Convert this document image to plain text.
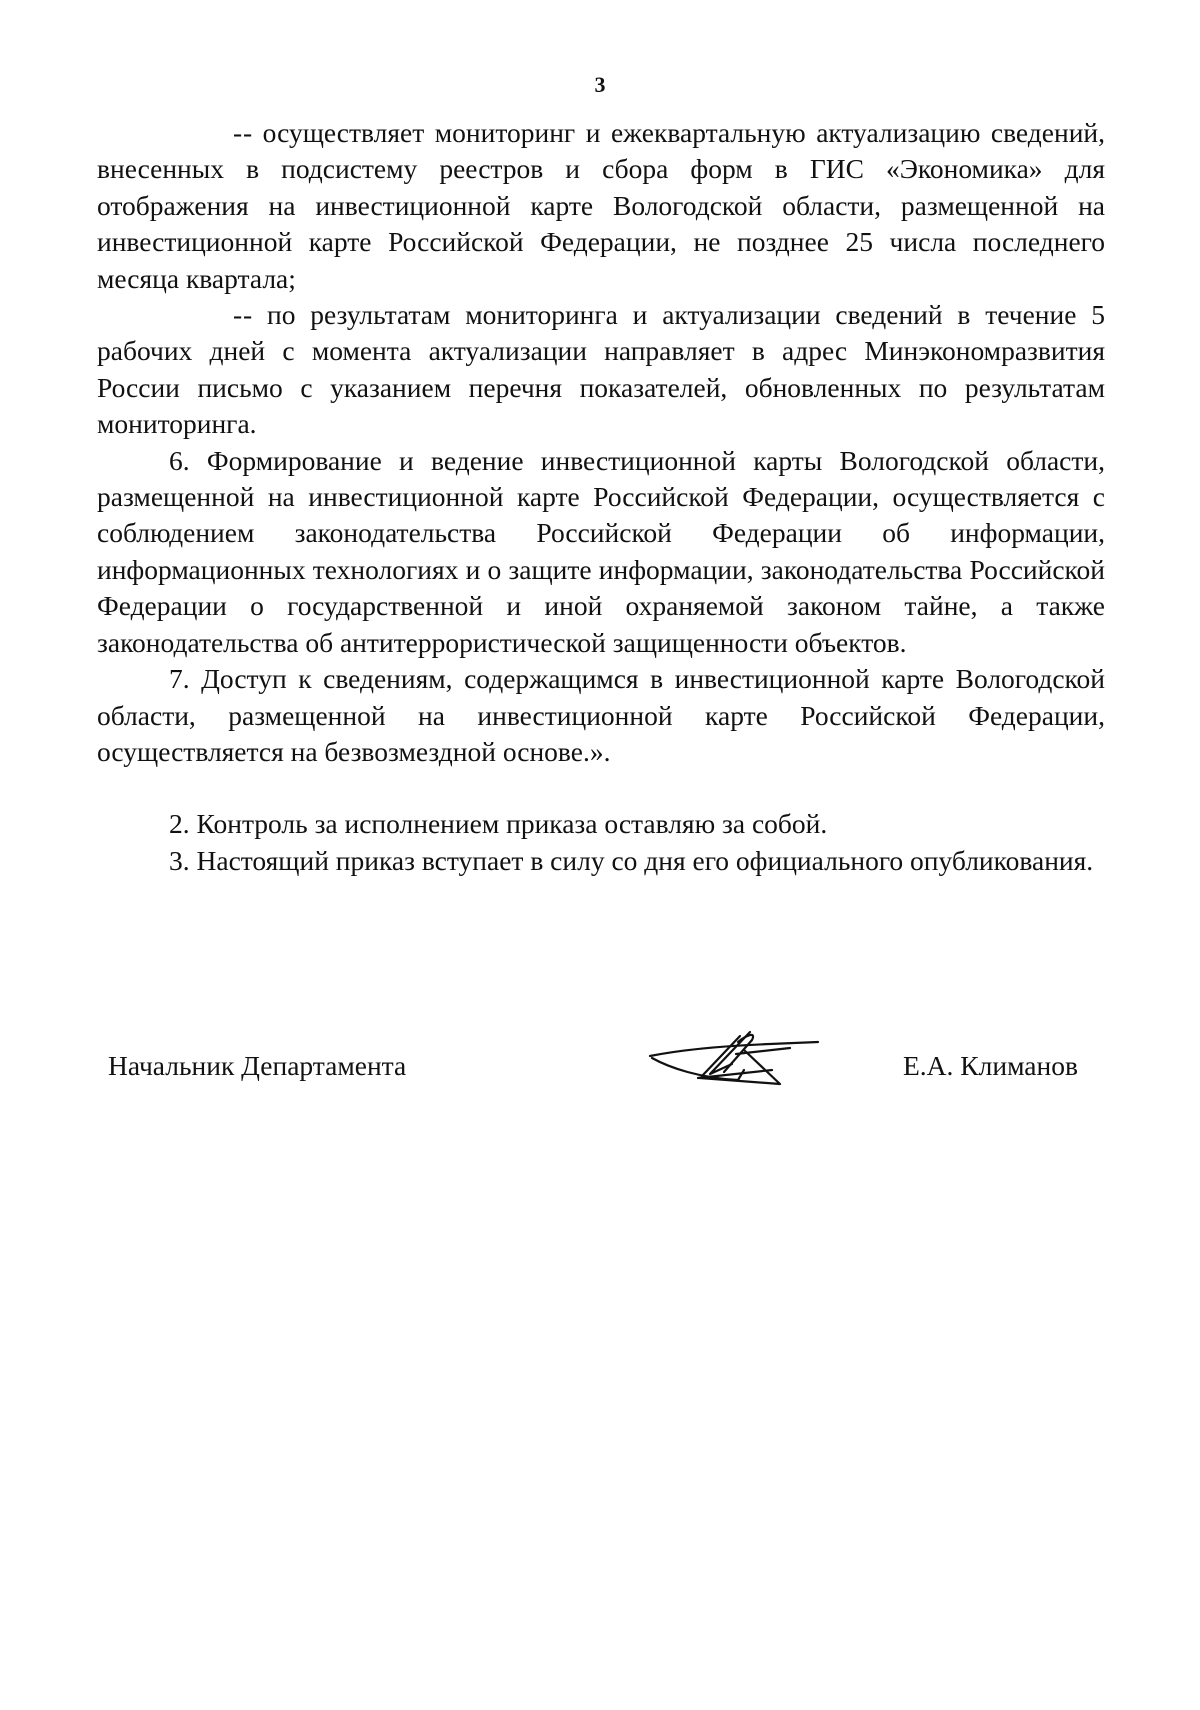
3

-- осуществляет мониторинг и ежеквартальную актуализацию сведений, внесенных в подсистему реестров и сбора форм в ГИС «Экономика» для отображения на инвестиционной карте Вологодской области, размещенной на инвестиционной карте Российской Федерации, не позднее 25 числа последнего месяца квартала;

-- по результатам мониторинга и актуализации сведений в течение 5 рабочих дней с момента актуализации направляет в адрес Минэкономразвития России письмо с указанием перечня показателей, обновленных по результатам мониторинга.

6. Формирование и ведение инвестиционной карты Вологодской области, размещенной на инвестиционной карте Российской Федерации, осуществляется с соблюдением законодательства Российской Федерации об информации, информационных технологиях и о защите информации, законодательства Российской Федерации о государственной и иной охраняемой законом тайне, а также законодательства об антитеррористической защищенности объектов.

7. Доступ к сведениям, содержащимся в инвестиционной карте Вологодской области, размещенной на инвестиционной карте Российской Федерации, осуществляется на безвозмездной основе.».

2. Контроль за исполнением приказа оставляю за собой.

3. Настоящий приказ вступает в силу со дня его официального опубликования.

Начальник Департамента	Е.А. Климанов
